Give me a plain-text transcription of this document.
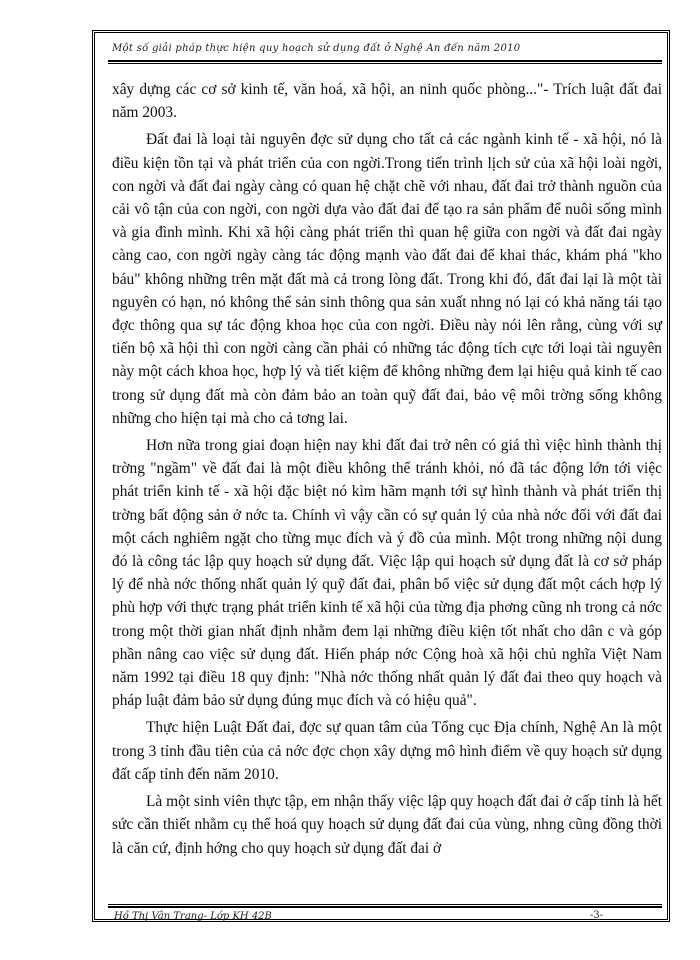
Một số giải pháp thực hiện quy hoạch sử dụng đất ở Nghệ An đến năm 2010

xây dựng các cơ sở kinh tế, văn hoá, xã hội, an ninh quốc phòng..."- Trích luật đất đai năm 2003.

Đất đai là loại tài nguyên đợc sử dụng cho tất cả các ngành kinh tế - xã hội, nó là điều kiện tồn tại và phát triển của con ngời.Trong tiến trình lịch sử của xã hội loài ngời, con ngời và đất đai ngày càng có quan hệ chặt chẽ với nhau, đất đai trở thành nguồn của cải vô tận của con ngời, con ngời dựa vào đất đai để tạo ra sản phẩm để nuôi sống mình và gia đình mình. Khi xã hội càng phát triển thì quan hệ giữa con ngời và đất đai ngày càng cao, con ngời ngày càng tác động mạnh vào đất đai để khai thác, khám phá "kho báu" không những trên mặt đất mà cả trong lòng đất. Trong khi đó, đất đai lại là một tài nguyên có hạn, nó không thể sản sinh thông qua sản xuất nhng nó lại có khả năng tái tạo đợc thông qua sự tác động khoa học của con ngời. Điều này nói lên rằng, cùng với sự tiến bộ xã hội thì con ngời càng cần phải có những tác động tích cực tới loại tài nguyên này một cách khoa học, hợp lý và tiết kiệm để không những đem lại hiệu quả kinh tế cao trong sử dụng đất mà còn đảm bảo an toàn quỹ đất đai, bảo vệ môi trờng sống không những cho hiện tại mà cho cả tơng lai.

Hơn nữa trong giai đoạn hiện nay khi đất đai trở nên có giá thì việc hình thành thị trờng "ngầm" về đất đai là một điều không thể tránh khỏi, nó đã tác động lớn tới việc phát triển kinh tế - xã hội đặc biệt nó kìm hãm mạnh tới sự hình thành và phát triển thị trờng bất động sản ở nớc ta. Chính vì vậy cần có sự quản lý của nhà nớc đối với đất đai một cách nghiêm ngặt cho từng mục đích và ý đồ của mình. Một trong những nội dung đó là công tác lập quy hoạch sử dụng đất. Việc lập qui hoạch sử dụng đất là cơ sở pháp lý để nhà nớc thống nhất quản lý quỹ đất đai, phân bổ việc sử dụng đất một cách hợp lý phù hợp với thực trạng phát triển kinh tế xã hội của từng địa phơng cũng nh trong cả nớc trong một thời gian nhất định nhằm đem lại những điều kiện tốt nhất cho dân c và góp phần nâng cao việc sử dụng đất. Hiến pháp nớc Cộng hoà xã hội chủ nghĩa Việt Nam năm 1992 tại điều 18 quy định: "Nhà nớc thống nhất quản lý đất đai theo quy hoạch và pháp luật đảm bảo sử dụng đúng mục đích và có hiệu quả".

Thực hiện Luật Đất đai, đợc sự quan tâm của Tổng cục Địa chính, Nghệ An là một trong 3 tỉnh đầu tiên của cả nớc đợc chọn xây dựng mô hình điểm về quy hoạch sử dụng đất cấp tỉnh đến năm 2010.

Là một sinh viên thực tập, em nhận thấy việc lập quy hoạch đất đai ở cấp tỉnh là hết sức cần thiết nhằm cụ thể hoá quy hoạch sử dụng đất đai của vùng, nhng cũng đồng thời là căn cứ, định hớng cho quy hoạch sử dụng đất đai ở

Hồ Thị Vân Trang- Lớp KH 42B	-3-
